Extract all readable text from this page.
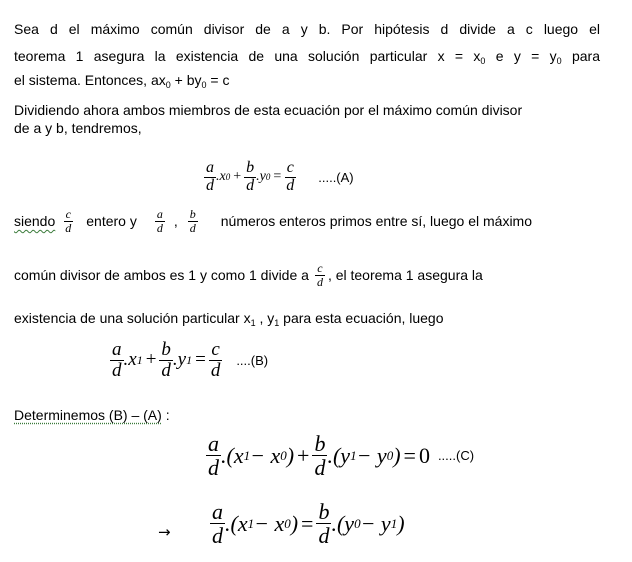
Sea d el máximo común divisor de a y b. Por hipótesis d divide a c luego el

teorema 1 asegura la existencia de una solución particular $x = x_0$ e $y = y_0$ para

el sistema. Entonces, $ax_0 + by_0 = c$

Dividiendo ahora ambos miembros de esta ecuación por el máximo común divisor

de a y b, tendremos,

$\frac{a}{d} .x$ $0 + \frac{b}{d} .y$ $0 = \frac{c}{d} .....(A)$
siendo $\frac{c}{d}$ entero y $\frac{a}{d}$ , $\frac{b}{d}$ números enteros primos entre sí, luego el máximo
común divisor de ambos es 1 y como 1 divide a $\frac{c}{d}$ , el teorema 1 asegura la

existencia de una solución particular $x_1$ , $y_1$ para esta ecuación, luego

$\frac{a}{d} .x$ $1 + \frac{b}{d} .y$ $1 = \frac{c}{d} ....(B)$

Determinemos (B) – (A) :

$\frac{a}{d} .(x$ 1 − x 0 ) + $\frac{b}{d} .(y$ 1 − y 0 ) = 0 .....(C)
→ $\frac{a}{d} .(x$ 1 − x 0 ) = $\frac{b}{d} .(y$ 0 − y 1 )
